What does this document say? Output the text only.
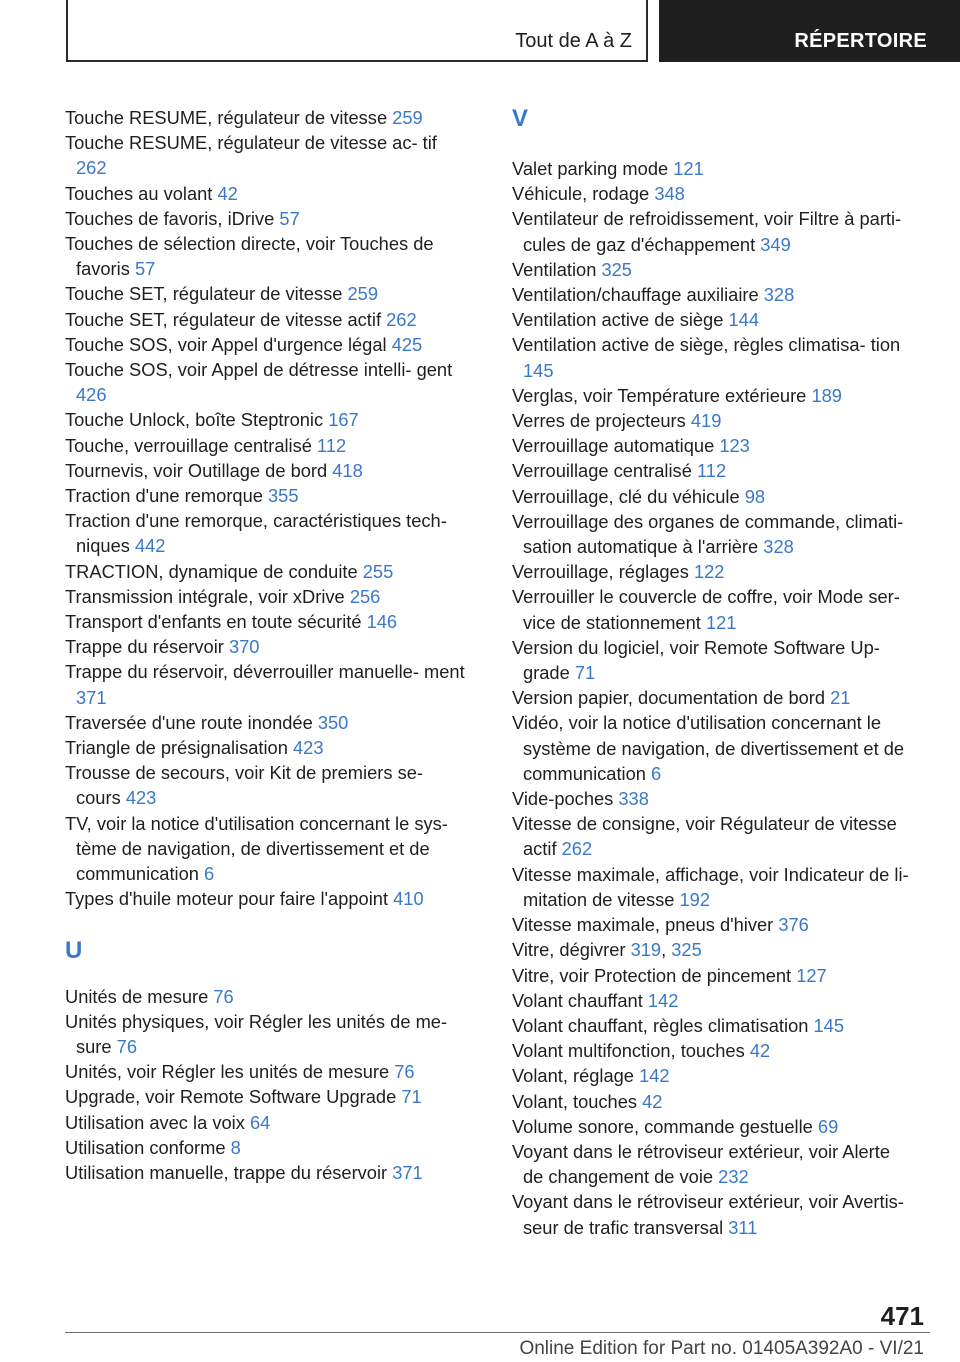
Tout de A à Z	RÉPERTOIRE

Touche RESUME, régulateur de vitesse 259

Touche RESUME, régulateur de vitesse ac- tif 262

Touches au volant 42

Touches de favoris, iDrive 57

Touches de sélection directe, voir Touches de favoris 57

Touche SET, régulateur de vitesse 259

Touche SET, régulateur de vitesse actif 262

Touche SOS, voir Appel d'urgence légal 425

Touche SOS, voir Appel de détresse intelli- gent 426

Touche Unlock, boîte Steptronic 167

Touche, verrouillage centralisé 112

Tournevis, voir Outillage de bord 418

Traction d'une remorque 355

Traction d'une remorque, caractéristiques tech- niques 442

TRACTION, dynamique de conduite 255

Transmission intégrale, voir xDrive 256

Transport d'enfants en toute sécurité 146

Trappe du réservoir 370

Trappe du réservoir, déverrouiller manuelle- ment 371

Traversée d'une route inondée 350

Triangle de présignalisation 423

Trousse de secours, voir Kit de premiers se- cours 423

TV, voir la notice d'utilisation concernant le sys- tème de navigation, de divertissement et de communication 6

Types d'huile moteur pour faire l'appoint 410

U

Unités de mesure 76

Unités physiques, voir Régler les unités de me- sure 76

Unités, voir Régler les unités de mesure 76

Upgrade, voir Remote Software Upgrade 71

Utilisation avec la voix 64

Utilisation conforme 8

Utilisation manuelle, trappe du réservoir 371

V

Valet parking mode 121

Véhicule, rodage 348

Ventilateur de refroidissement, voir Filtre à parti- cules de gaz d'échappement 349

Ventilation 325

Ventilation/chauffage auxiliaire 328

Ventilation active de siège 144

Ventilation active de siège, règles climatisa- tion 145

Verglas, voir Température extérieure 189

Verres de projecteurs 419

Verrouillage automatique 123

Verrouillage centralisé 112

Verrouillage, clé du véhicule 98

Verrouillage des organes de commande, climati- sation automatique à l'arrière 328

Verrouillage, réglages 122

Verrouiller le couvercle de coffre, voir Mode ser- vice de stationnement 121

Version du logiciel, voir Remote Software Up- grade 71

Version papier, documentation de bord 21

Vidéo, voir la notice d'utilisation concernant le système de navigation, de divertissement et de communication 6

Vide-poches 338

Vitesse de consigne, voir Régulateur de vitesse actif 262

Vitesse maximale, affichage, voir Indicateur de li- mitation de vitesse 192

Vitesse maximale, pneus d'hiver 376

Vitre, dégivrer 319, 325

Vitre, voir Protection de pincement 127

Volant chauffant 142

Volant chauffant, règles climatisation 145

Volant multifonction, touches 42

Volant, réglage 142

Volant, touches 42

Volume sonore, commande gestuelle 69

Voyant dans le rétroviseur extérieur, voir Alerte de changement de voie 232

Voyant dans le rétroviseur extérieur, voir Avertis- seur de trafic transversal 311

471
Online Edition for Part no. 01405A392A0 - VI/21
